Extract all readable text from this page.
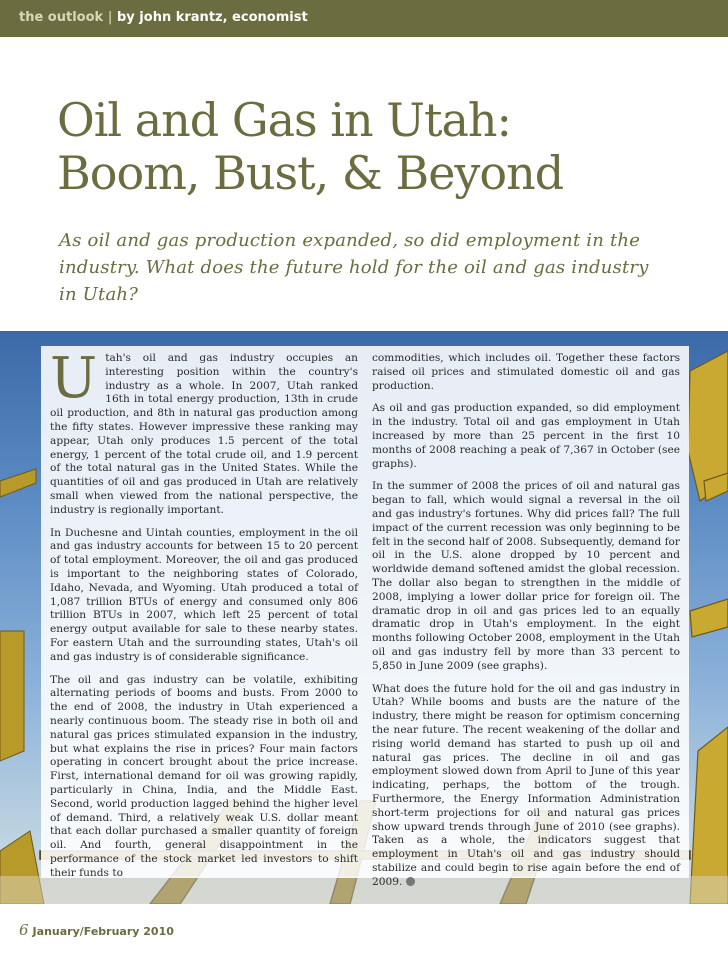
the outlook | by john krantz, economist
Oil and Gas in Utah:
Boom, Bust, & Beyond

As oil and gas production expanded, so did employment in the industry. What does the future hold for the oil and gas industry in Utah?

Utah's oil and gas industry occupies an interesting position within the country's industry as a whole. In 2007, Utah ranked 16th in total energy production, 13th in crude oil production, and 8th in natural gas production among the fifty states. However impressive these ranking may appear, Utah only produces 1.5 percent of the total energy, 1 percent of the total crude oil, and 1.9 percent of the total natural gas in the United States. While the quantities of oil and gas produced in Utah are relatively small when viewed from the national perspective, the industry is regionally important.

In Duchesne and Uintah counties, employment in the oil and gas industry accounts for between 15 to 20 percent of total employment. Moreover, the oil and gas produced is important to the neighboring states of Colorado, Idaho, Nevada, and Wyoming. Utah produced a total of 1,087 trillion BTUs of energy and consumed only 806 trillion BTUs in 2007, which left 25 percent of total energy output available for sale to these nearby states. For eastern Utah and the surrounding states, Utah's oil and gas industry is of considerable significance.

The oil and gas industry can be volatile, exhibiting alternating periods of booms and busts. From 2000 to the end of 2008, the industry in Utah experienced a nearly continuous boom. The steady rise in both oil and natural gas prices stimulated expansion in the industry, but what explains the rise in prices? Four main factors operating in concert brought about the price increase. First, international demand for oil was growing rapidly, particularly in China, India, and the Middle East. Second, world production lagged behind the higher level of demand. Third, a relatively weak U.S. dollar meant that each dollar purchased a smaller quantity of foreign oil. And fourth, general disappointment in the performance of the stock market led investors to shift their funds to

commodities, which includes oil. Together these factors raised oil prices and stimulated domestic oil and gas production.

As oil and gas production expanded, so did employment in the industry. Total oil and gas employment in Utah increased by more than 25 percent in the first 10 months of 2008 reaching a peak of 7,367 in October (see graphs).

In the summer of 2008 the prices of oil and natural gas began to fall, which would signal a reversal in the oil and gas industry's fortunes. Why did prices fall? The full impact of the current recession was only beginning to be felt in the second half of 2008. Subsequently, demand for oil in the U.S. alone dropped by 10 percent and worldwide demand softened amidst the global recession. The dollar also began to strengthen in the middle of 2008, implying a lower dollar price for foreign oil. The dramatic drop in oil and gas prices led to an equally dramatic drop in Utah's employment. In the eight months following October 2008, employment in the Utah oil and gas industry fell by more than 33 percent to 5,850 in June 2009 (see graphs).

What does the future hold for the oil and gas industry in Utah? While booms and busts are the nature of the industry, there might be reason for optimism concerning the near future. The recent weakening of the dollar and rising world demand has started to push up oil and natural gas prices. The decline in oil and gas employment slowed down from April to June of this year indicating, perhaps, the bottom of the trough. Furthermore, the Energy Information Administration short-term projections for oil and natural gas prices show upward trends through June of 2010 (see graphs). Taken as a whole, the indicators suggest that employment in Utah's oil and gas industry should stabilize and could begin to rise again before the end of 2009.

6 January/February 2010
